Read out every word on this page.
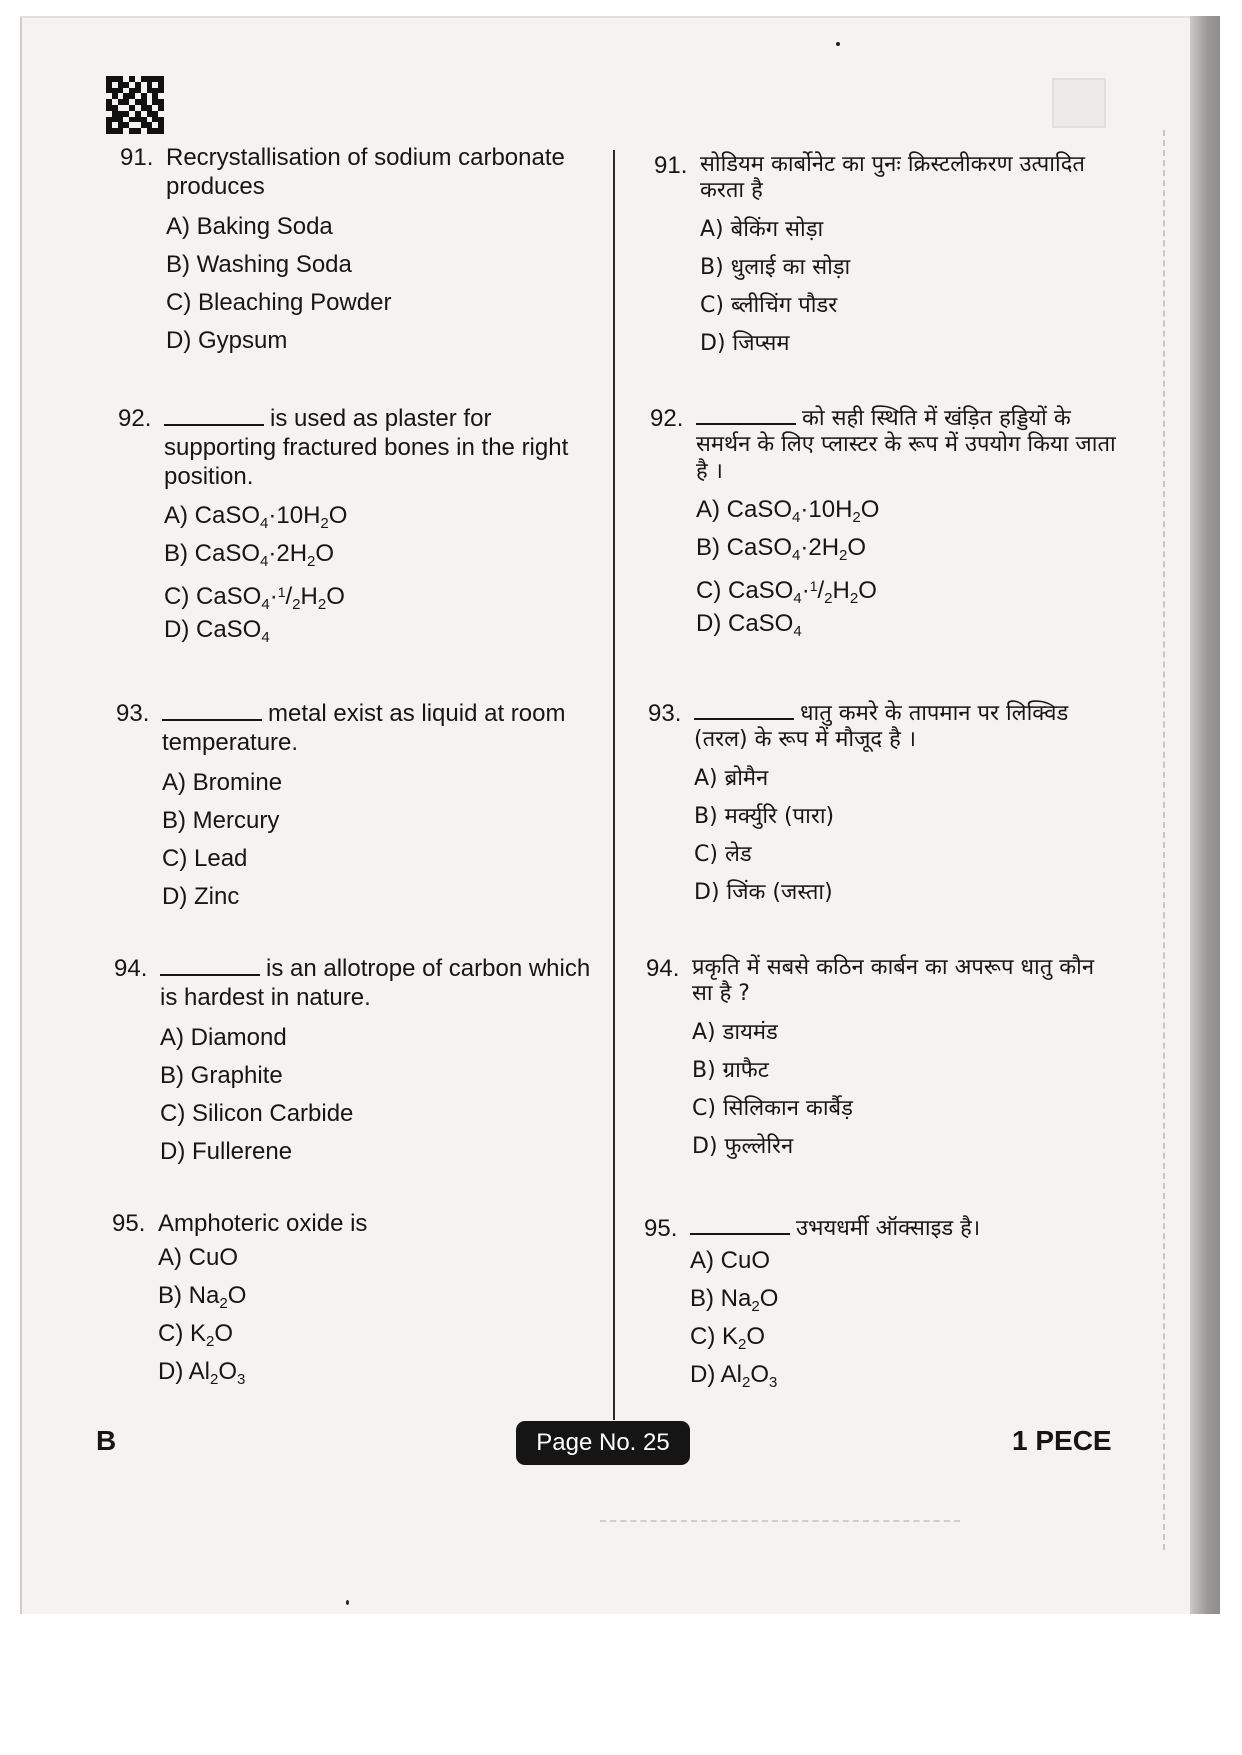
91. Recrystallisation of sodium carbonate produces
A) Baking Soda
B) Washing Soda
C) Bleaching Powder
D) Gypsum
92.	is used as plaster for supporting fractured bones in the right position.
A) $CaSO_4\cdot 10H_2O$
B) $CaSO_4\cdot 2H_2O$
C) $CaSO_4\cdot^1/_2H_2O$
D) CaSO$_4$
93.	metal exist as liquid at room temperature.
A) Bromine
B) Mercury
C) Lead
D) Zinc
94.	is an allotrope of carbon which is hardest in nature.
A) Diamond
B) Graphite
C) Silicon Carbide
D) Fullerene
95. Amphoteric oxide is
A) CuO
B) $Na_2O$
C) $K_2O$
D) $Al_2O_3$
91. सोडियम कार्बोनेट का पुनः क्रिस्टलीकरण उत्पादित करता है
A) बेकिंग सोड़ा
B) धुलाई का सोड़ा
C) ब्लीचिंग पौडर
D) जिप्सम
92.	को सही स्थिति में खंड़ित हड्डियों के समर्थन के लिए प्लास्टर के रूप में उपयोग किया जाता है ।
A) $CaSO_4\cdot 10H_2O$
B) $CaSO_4\cdot 2H_2O$
C) $CaSO_4\cdot^1/_2H_2O$
D) CaSO$_4$
93.	धातु कमरे के तापमान पर लिक्विड (तरल) के रूप में मौजूद है ।
A) ब्रोमैन
B) मर्क्युरि (पारा)
C) लेड
D) जिंक (जस्ता)
94. प्रकृति में सबसे कठिन कार्बन का अपरूप धातु कौन सा है ?
A) डायमंड
B) ग्राफैट
C) सिलिकान कार्बैड़
D) फुल्लेरिन
95.	उभयधर्मी ऑक्साइड है।
A) CuO
B) $Na_2O$
C) $K_2O$
D) $Al_2O_3$
B	Page No. 25	1 PECE
